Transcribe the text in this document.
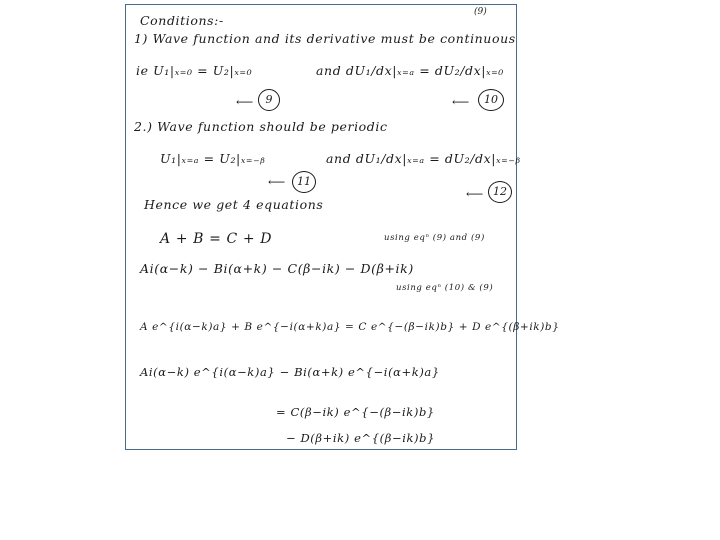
(9)
Conditions:-
1) Wave function and its derivative must be continuous
ie U₁|ₓ₌₀ = U₂|ₓ₌₀	and dU₁/dx|ₓ₌ₐ = dU₂/dx|ₓ₌₀
⟵	9	⟵	10
2.) Wave function should be periodic
U₁|ₓ₌ₐ = U₂|ₓ₌₋ᵦ	and dU₁/dx|ₓ₌ₐ = dU₂/dx|ₓ₌₋ᵦ
⟵	11
⟵ 12
Hence we get 4 equations
A + B = C + D	using eqⁿ (9) and (9)
Ai(α−k) − Bi(α+k) − C(β−ik) − D(β+ik)
using eqⁿ (10) & (9)
A e^{i(α−k)a} + B e^{−i(α+k)a} = C e^{−(β−ik)b} + D e^{(β+ik)b}
Ai(α−k) e^{i(α−k)a} − Bi(α+k) e^{−i(α+k)a}
= C(β−ik) e^{−(β−ik)b}
− D(β+ik) e^{(β−ik)b}
